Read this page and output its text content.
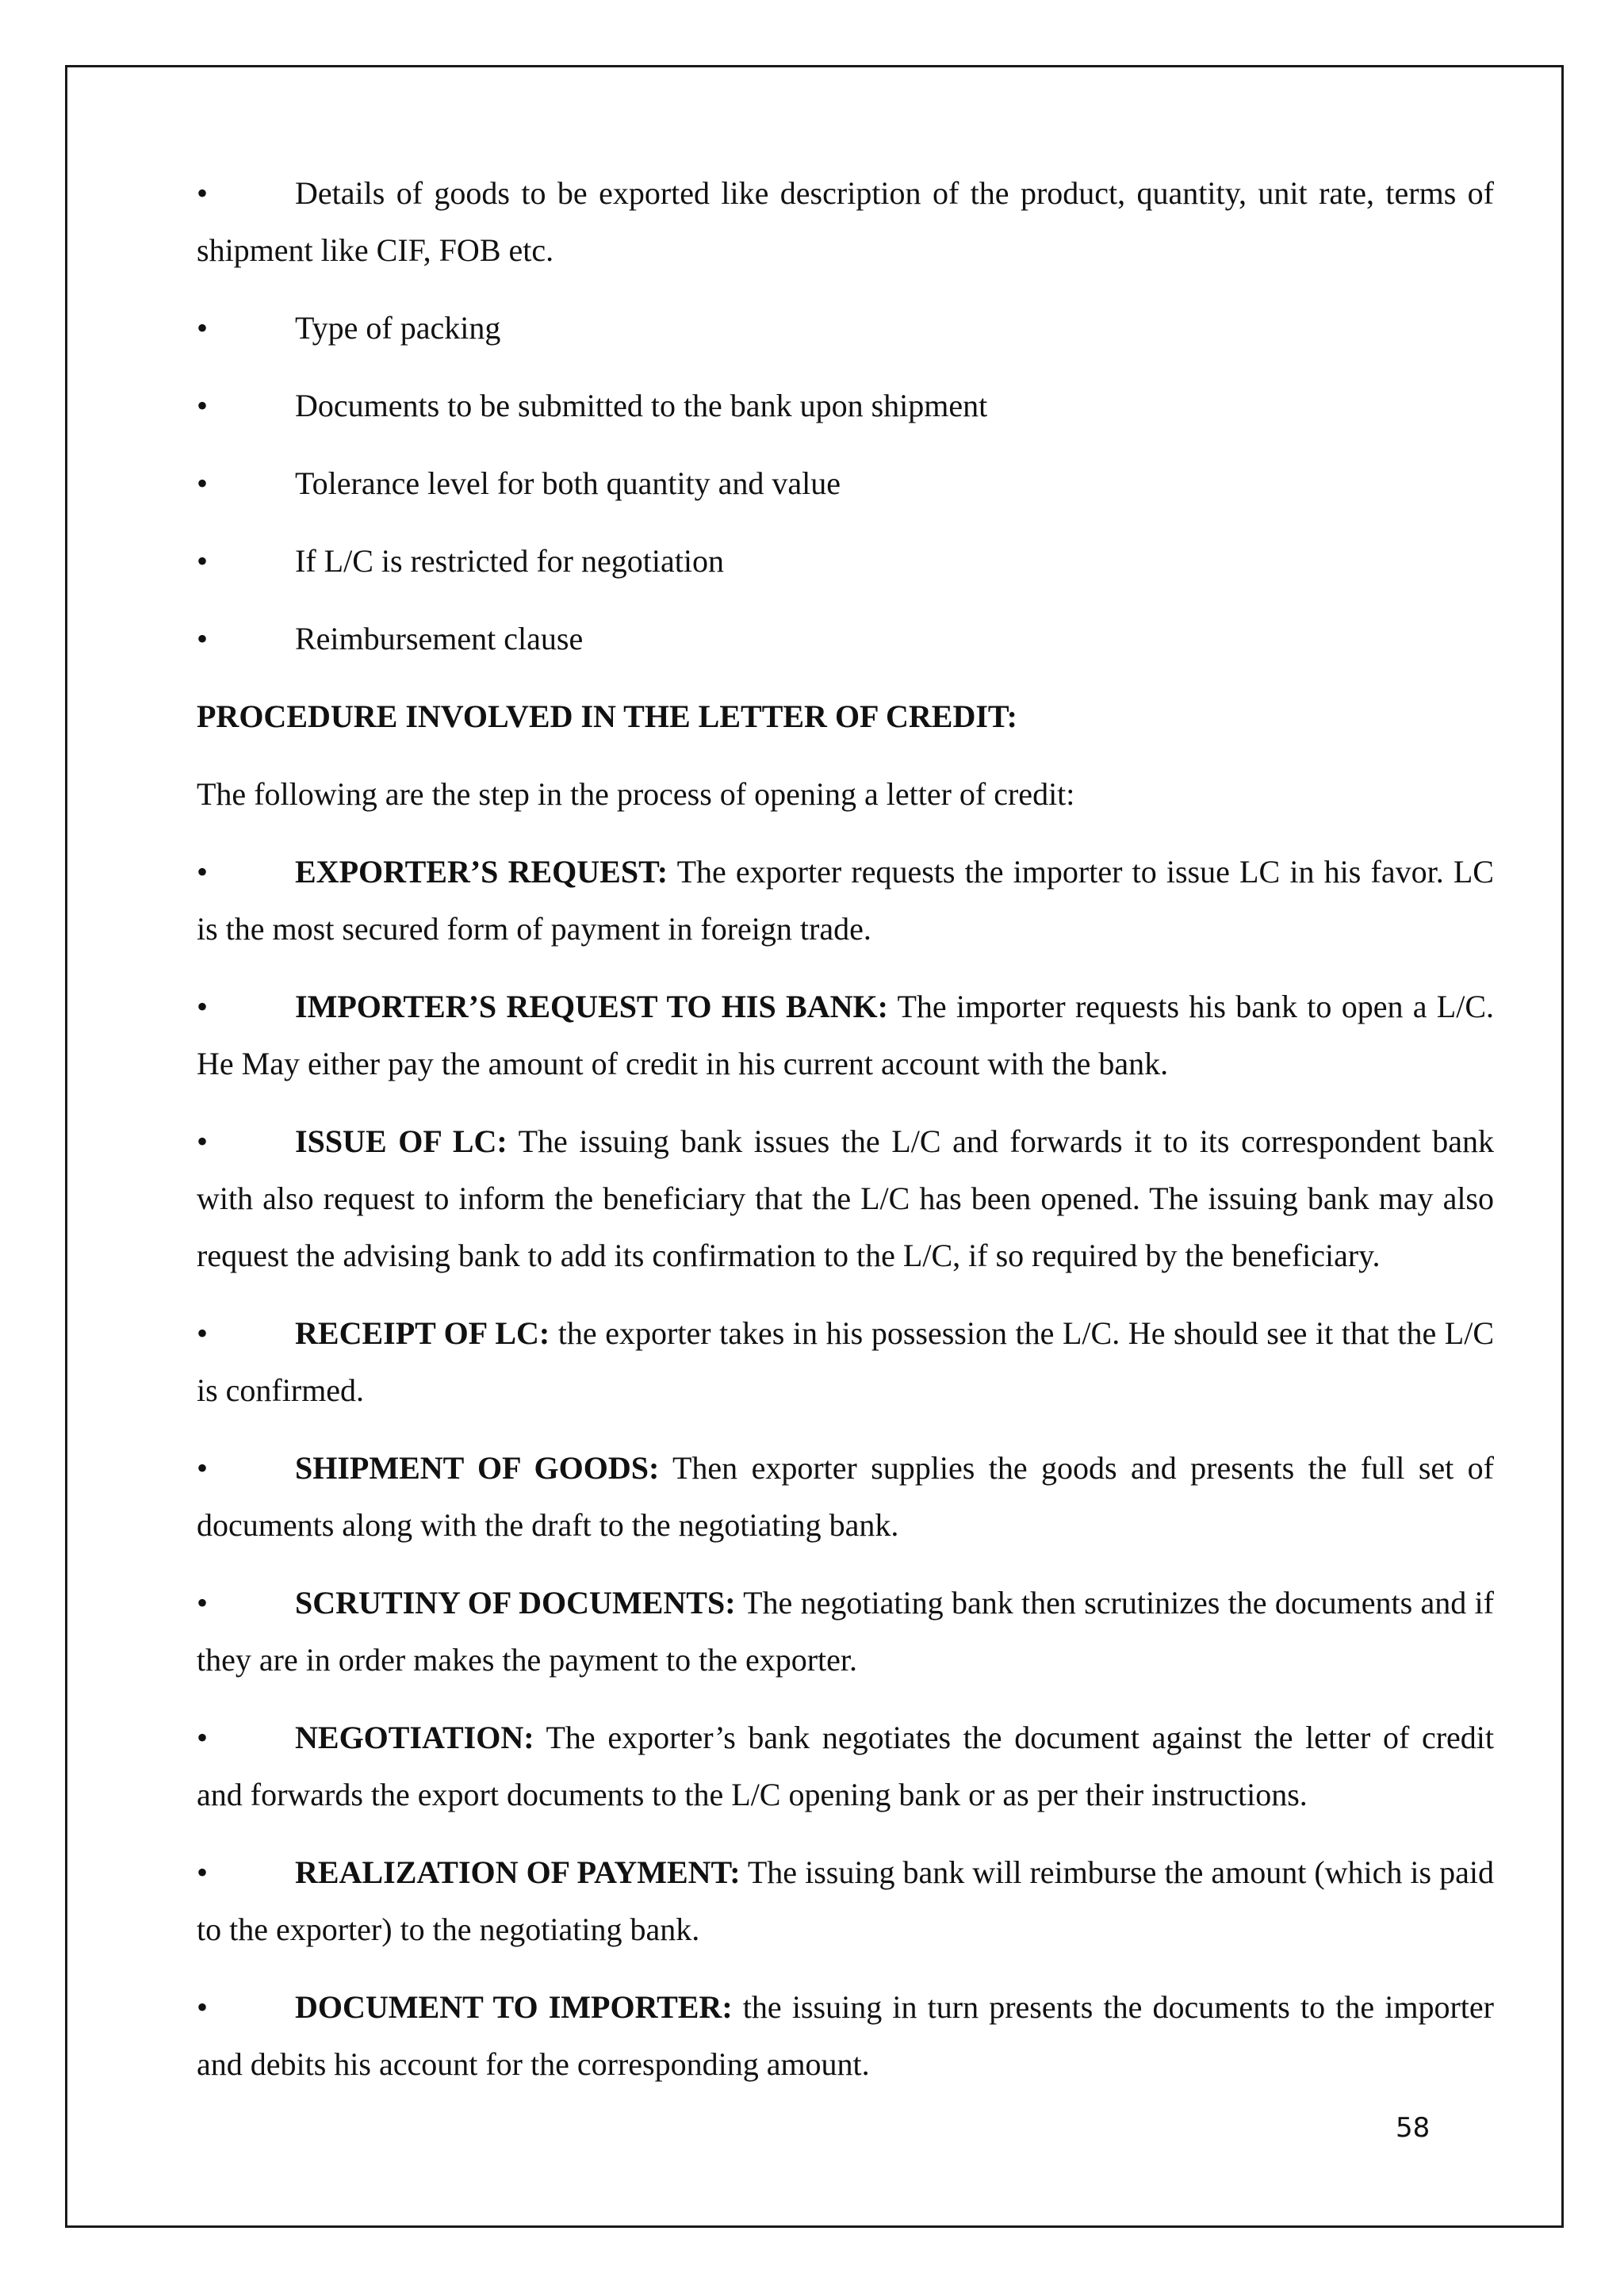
•	Details of goods to be exported like description of the product, quantity, unit rate, terms of shipment like CIF, FOB etc.
•	Type of packing
•	Documents to be submitted to the bank upon shipment
•	Tolerance level for both quantity and value
•	If L/C is restricted for negotiation
•	Reimbursement clause
PROCEDURE INVOLVED IN THE LETTER OF CREDIT:
The following are the step in the process of opening a letter of credit:
•	EXPORTER’S REQUEST: The exporter requests the importer to issue LC in his favor. LC is the most secured form of payment in foreign trade.
•	IMPORTER’S REQUEST TO HIS BANK: The importer requests his bank to open a L/C. He May either pay the amount of credit in his current account with the bank.
•	ISSUE OF LC: The issuing bank issues the L/C and forwards it to its correspondent bank with also request to inform the beneficiary that the L/C has been opened. The issuing bank may also request the advising bank to add its confirmation to the L/C, if so required by the beneficiary.
•	RECEIPT OF LC: the exporter takes in his possession the L/C. He should see it that the L/C is confirmed.
•	SHIPMENT OF GOODS: Then exporter supplies the goods and presents the full set of documents along with the draft to the negotiating bank.
•	SCRUTINY OF DOCUMENTS: The negotiating bank then scrutinizes the documents and if they are in order makes the payment to the exporter.
•	NEGOTIATION: The exporter’s bank negotiates the document against the letter of credit and forwards the export documents to the L/C opening bank or as per their instructions.
•	REALIZATION OF PAYMENT: The issuing bank will reimburse the amount (which is paid to the exporter) to the negotiating bank.
•	DOCUMENT TO IMPORTER: the issuing in turn presents the documents to the importer and debits his account for the corresponding amount.
58
